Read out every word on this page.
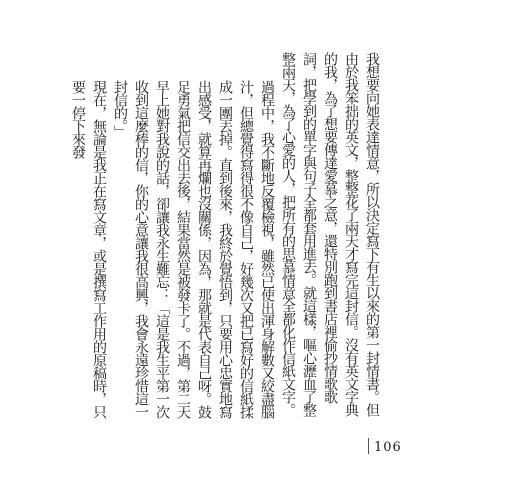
我想要向她表達情意，所以決定寫下有生以來的第一封情書。但由於我笨拙的英文，整整花了兩天才寫完這封信。沒有英文字典的我，為了想要傳達愛慕之意，還特別跑到書店裡偷抄情歌歌詞，把學到的單字與句子全都套用進去。就這樣，嘔心瀝血了整整兩天，為了心愛的人，把所有的思慕情意全都化作信紙文字。
過程中，我不斷地反覆檢視，雖然已使出渾身解數又絞盡腦汁，但總覺得寫得很不像自己，好幾次又把已寫好的信紙揉成一團丟掉。直到後來，我終於覺悟到，只要用心忠實地寫出感受，就算再爛也沒關係，因為，那就是代表自己呀。鼓足勇氣把信交出去後，結果當然是被發卡了。不過，第二天早上她對我說的話，卻讓我永生難忘：「這是我生平第一次收到這麼棒的信，你的心意讓我很高興，我會永遠珍惜這一封信的。」
現在，無論是我正在寫文章，或是撰寫工作用的原稿時，只要一停下來發

106
